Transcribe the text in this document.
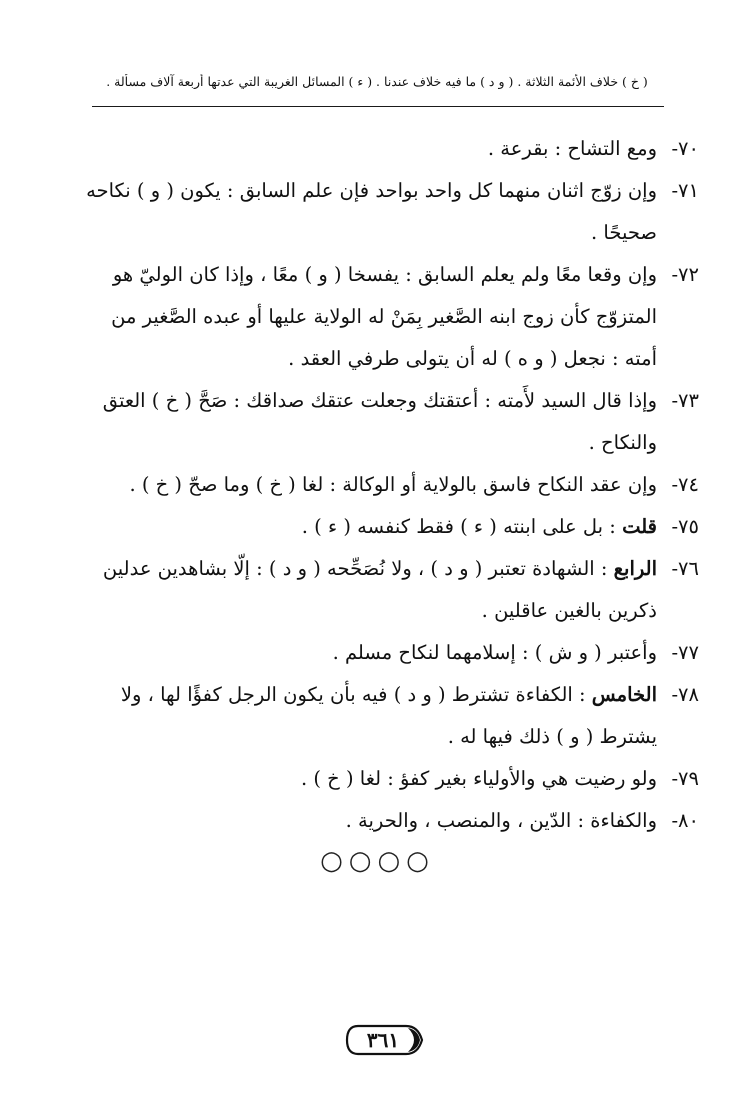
( خ ) خلاف الأئمة الثلاثة . ( و د ) ما فيه خلاف عندنا . ( ء ) المسائل الغريبة التي عدتها أربعة آلاف مسألة .
٧٠-
ومع التشاح : بقرعة .
٧١-
وإن زوّج اثنان منهما كل واحد بواحد فإن علم السابق : يكون ( و ) نكاحه صحيحًا .
٧٢-
وإن وقعا معًا ولم يعلم السابق : يفسخا ( و ) معًا ، وإذا كان الوليّ هو المتزوّج كأن زوج ابنه الصَّغير بِمَنْ له الولاية عليها أو عبده الصَّغير من أمته : نجعل ( و ه ) له أن يتولى طرفي العقد .
٧٣-
وإذا قال السيد لأَمته : أعتقتك وجعلت عتقك صداقك : صَحَّ ( خ ) العتق والنكاح .
٧٤-
وإن عقد النكاح فاسق بالولاية أو الوكالة : لغا ( خ ) وما صحّ ( خ ) .
٧٥-
قلت : بل على ابنته ( ء ) فقط كنفسه ( ء ) .
٧٦-
الرابع : الشهادة تعتبر ( و د ) ، ولا نُصَحِّحه ( و د ) : إلّا بشاهدين عدلين ذكرين بالغين عاقلين .
٧٧-
وأعتبر ( و ش ) : إسلامهما لنكاح مسلم .
٧٨-
الخامس : الكفاءة تشترط ( و د ) فيه بأن يكون الرجل كفؤًا لها ، ولا يشترط ( و ) ذلك فيها له .
٧٩-
ولو رضيت هي والأولياء بغير كفؤ : لغا ( خ ) .
٨٠-
والكفاءة : الدّين ، والمنصب ، والحرية .
○○○○
٣٦١
